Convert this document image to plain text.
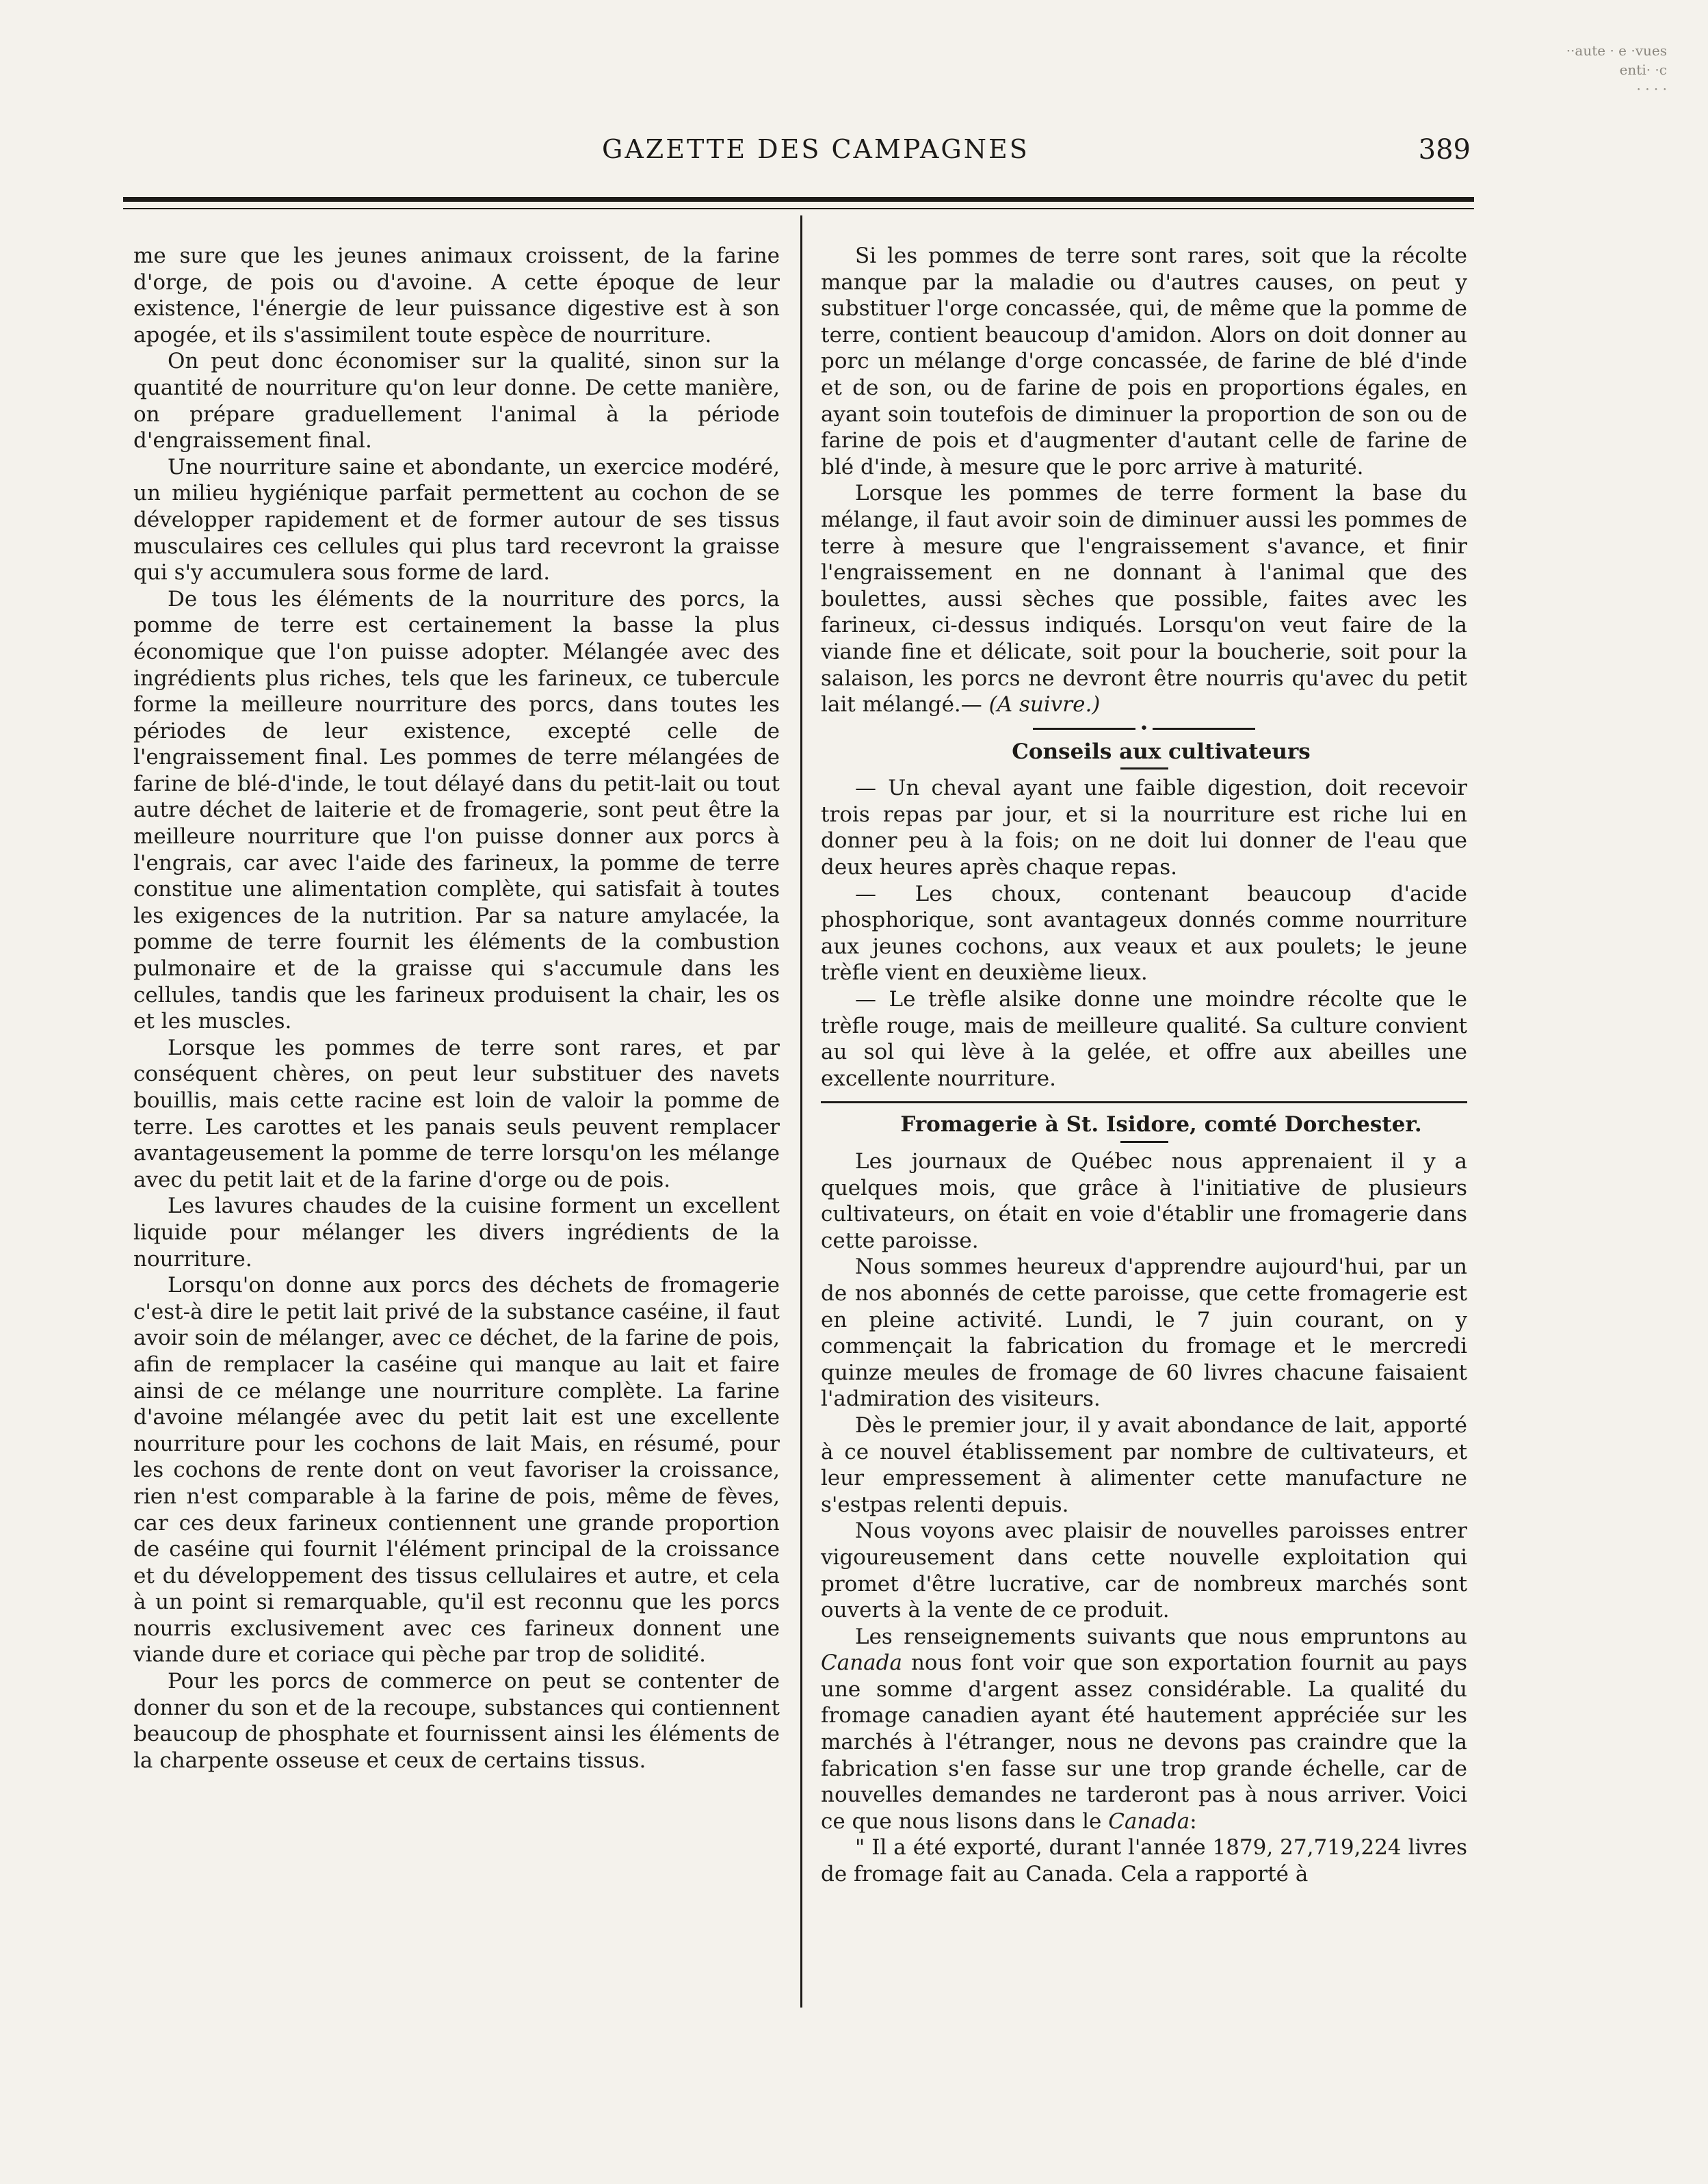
··aute · e ·vues
enti· ·c
· · · ·
GAZETTE DES CAMPAGNES	389

me sure que les jeunes animaux croissent, de la farine d'orge, de pois ou d'avoine. A cette époque de leur existence, l'énergie de leur puissance digestive est à son apogée, et ils s'assimilent toute espèce de nourriture.

On peut donc économiser sur la qualité, sinon sur la quantité de nourriture qu'on leur donne. De cette manière, on prépare graduellement l'animal à la période d'engraissement final.

Une nourriture saine et abondante, un exercice modéré, un milieu hygiénique parfait permettent au cochon de se développer rapidement et de former autour de ses tissus musculaires ces cellules qui plus tard recevront la graisse qui s'y accumulera sous forme de lard.

De tous les éléments de la nourriture des porcs, la pomme de terre est certainement la basse la plus économique que l'on puisse adopter. Mélangée avec des ingrédients plus riches, tels que les farineux, ce tubercule forme la meilleure nourriture des porcs, dans toutes les périodes de leur existence, excepté celle de l'engraissement final. Les pommes de terre mélangées de farine de blé-d'inde, le tout délayé dans du petit-lait ou tout autre déchet de laiterie et de fromagerie, sont peut être la meilleure nourriture que l'on puisse donner aux porcs à l'engrais, car avec l'aide des farineux, la pomme de terre constitue une alimentation complète, qui satisfait à toutes les exigences de la nutrition. Par sa nature amylacée, la pomme de terre fournit les éléments de la combustion pulmonaire et de la graisse qui s'accumule dans les cellules, tandis que les farineux produisent la chair, les os et les muscles.

Lorsque les pommes de terre sont rares, et par conséquent chères, on peut leur substituer des navets bouillis, mais cette racine est loin de valoir la pomme de terre. Les carottes et les panais seuls peuvent remplacer avantageusement la pomme de terre lorsqu'on les mélange avec du petit lait et de la farine d'orge ou de pois.

Les lavures chaudes de la cuisine forment un excellent liquide pour mélanger les divers ingrédients de la nourriture.

Lorsqu'on donne aux porcs des déchets de fromagerie c'est-à dire le petit lait privé de la substance caséine, il faut avoir soin de mélanger, avec ce déchet, de la farine de pois, afin de remplacer la caséine qui manque au lait et faire ainsi de ce mélange une nourriture complète. La farine d'avoine mélangée avec du petit lait est une excellente nourriture pour les cochons de lait Mais, en résumé, pour les cochons de rente dont on veut favoriser la croissance, rien n'est comparable à la farine de pois, même de fèves, car ces deux farineux contiennent une grande proportion de caséine qui fournit l'élément principal de la croissance et du développement des tissus cellulaires et autre, et cela à un point si remarquable, qu'il est reconnu que les porcs nourris exclusivement avec ces farineux donnent une viande dure et coriace qui pèche par trop de solidité.

Pour les porcs de commerce on peut se contenter de donner du son et de la recoupe, substances qui contiennent beaucoup de phosphate et fournissent ainsi les éléments de la charpente osseuse et ceux de certains tissus.

Si les pommes de terre sont rares, soit que la récolte manque par la maladie ou d'autres causes, on peut y substituer l'orge concassée, qui, de même que la pomme de terre, contient beaucoup d'amidon. Alors on doit donner au porc un mélange d'orge concassée, de farine de blé d'inde et de son, ou de farine de pois en proportions égales, en ayant soin toutefois de diminuer la proportion de son ou de farine de pois et d'augmenter d'autant celle de farine de blé d'inde, à mesure que le porc arrive à maturité.

Lorsque les pommes de terre forment la base du mélange, il faut avoir soin de diminuer aussi les pommes de terre à mesure que l'engraissement s'avance, et finir l'engraissement en ne donnant à l'animal que des boulettes, aussi sèches que possible, faites avec les farineux, ci-dessus indiqués. Lorsqu'on veut faire de la viande fine et délicate, soit pour la boucherie, soit pour la salaison, les porcs ne devront être nourris qu'avec du petit lait mélangé.— (A suivre.)

•

Conseils aux cultivateurs

— Un cheval ayant une faible digestion, doit recevoir trois repas par jour, et si la nourriture est riche lui en donner peu à la fois; on ne doit lui donner de l'eau que deux heures après chaque repas.

— Les choux, contenant beaucoup d'acide phosphorique, sont avantageux donnés comme nourriture aux jeunes cochons, aux veaux et aux poulets; le jeune trèfle vient en deuxième lieux.

— Le trèfle alsike donne une moindre récolte que le trèfle rouge, mais de meilleure qualité. Sa culture convient au sol qui lève à la gelée, et offre aux abeilles une excellente nourriture.

Fromagerie à St. Isidore, comté Dorchester.

Les journaux de Québec nous apprenaient il y a quelques mois, que grâce à l'initiative de plusieurs cultivateurs, on était en voie d'établir une fromagerie dans cette paroisse.

Nous sommes heureux d'apprendre aujourd'hui, par un de nos abonnés de cette paroisse, que cette fromagerie est en pleine activité. Lundi, le 7 juin courant, on y commençait la fabrication du fromage et le mercredi quinze meules de fromage de 60 livres chacune faisaient l'admiration des visiteurs.

Dès le premier jour, il y avait abondance de lait, apporté à ce nouvel établissement par nombre de cultivateurs, et leur empressement à alimenter cette manufacture ne s'estpas relenti depuis.

Nous voyons avec plaisir de nouvelles paroisses entrer vigoureusement dans cette nouvelle exploitation qui promet d'être lucrative, car de nombreux marchés sont ouverts à la vente de ce produit.

Les renseignements suivants que nous empruntons au Canada nous font voir que son exportation fournit au pays une somme d'argent assez considérable. La qualité du fromage canadien ayant été hautement appréciée sur les marchés à l'étranger, nous ne devons pas craindre que la fabrication s'en fasse sur une trop grande échelle, car de nouvelles demandes ne tarderont pas à nous arriver. Voici ce que nous lisons dans le Canada:

" Il a été exporté, durant l'année 1879, 27,719,224 livres de fromage fait au Canada. Cela a rapporté à
